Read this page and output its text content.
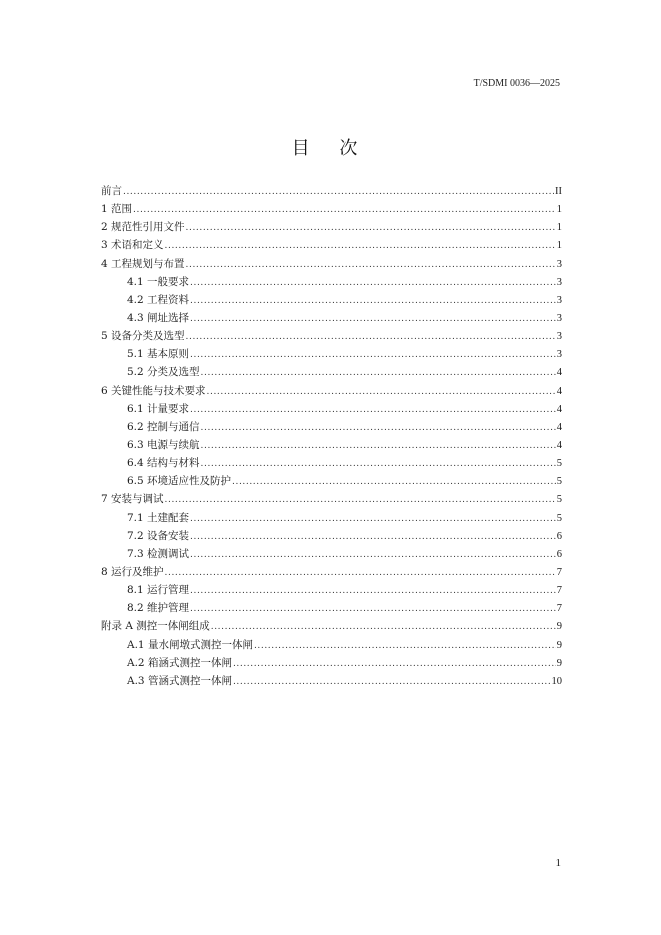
T/SDMI 0036—2025
目 次
前言 .....	II
1 范围 .....	1
2 规范性引用文件 .....	1
3 术语和定义 .....	1
4 工程规划与布置 .....	3
4.1 一般要求 .....	3
4.2 工程资料 .....	3
4.3 闸址选择 .....	3
5 设备分类及选型 .....	3
5.1 基本原则 .....	3
5.2 分类及选型 .....	4
6 关键性能与技术要求 .....	4
6.1 计量要求 .....	4
6.2 控制与通信 .....	4
6.3 电源与续航 .....	4
6.4 结构与材料 .....	5
6.5 环境适应性及防护 .....	5
7 安装与调试 .....	5
7.1 土建配套 .....	5
7.2 设备安装 .....	6
7.3 检测调试 .....	6
8 运行及维护 .....	7
8.1 运行管理 .....	7
8.2 维护管理 .....	7
附录 A 测控一体闸组成 .....	9
A.1 量水闸墩式测控一体闸 .....	9
A.2 箱涵式测控一体闸 .....	9
A.3 管涵式测控一体闸 .....	10
1
